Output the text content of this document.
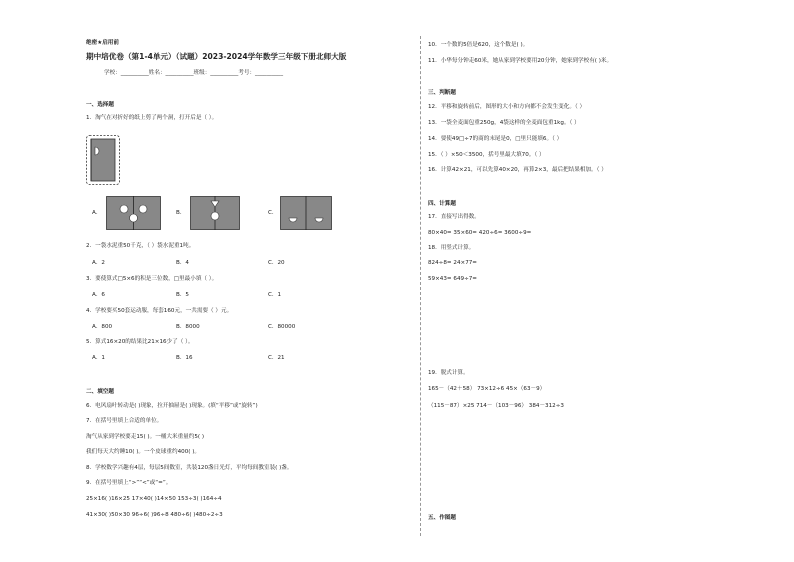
绝密★启用前
期中培优卷（第1-4单元）（试题）2023-2024学年数学三年级下册北师大版
学校：__________姓名：__________班级：__________考号：__________
一、选择题
1．淘气在对折好的纸上剪了两个洞，打开后是（ ）。
A．	B．	C．
2．一袋水泥重50千克，（ ）袋水泥重1吨。
A．2	B．4	C．20
3．要使算式□5×6的积是三位数，□里最小填（ ）。
A．6	B．5	C．1
4．学校要买50套运动服，每套160元，一共需要（ ）元。
A．800	B．8000	C．80000
5．算式16×20的结果比21×16少了（ ）。
A．1	B．16	C．21
二、填空题
6．电风扇叶转动是( )现象，拉开抽屉是( )现象。(填“平移”或“旋转”)
7．在括号里填上合适的单位。
淘气从家到学校要走15( )。一桶大米重量约5( )
我们每天大约睡10( )。一个皮球重约400( )。
8．学校数学兴趣有4层，每层5间数室，共装120盏日光灯，平均每间教室装( )盏。
9．在括号里填上“>”“<”或“=”。
25×16( )16×25 17×40( )14×50 153÷3( )164÷4
41×30( )50×30 96÷6( )96÷8 480÷6( )480÷2÷3
10．一个数的5倍是620，这个数是( )。
11．小华每分钟走60米，她从家到学校要用20分钟，她家到学校有( )米。
三、判断题
12．平移和旋转前后，图形的大小和方向都不会发生变化。（ ）
13．一袋全麦面包重250g，4袋这样的全麦面包重1kg。（ ）
14．要使49□÷7的商的末尾是0，□里只能填6。（ ）
15．（ ）×50＜3500，括号里最大填70。（ ）
16．计算42×21，可以先算40×20，再算2×3，最后把结果相加。（ ）
四、计算题
17．直接写出得数。
80×40= 35×60= 420÷6= 3600÷9=
18．用竖式计算。
824÷8= 24×77=
59×43= 649÷7=
19．脱式计算。
165－（42＋58） 73×12÷6 45×（63－9）
（115－87）×25 714－（103－96） 384－312÷3
五、作图题
